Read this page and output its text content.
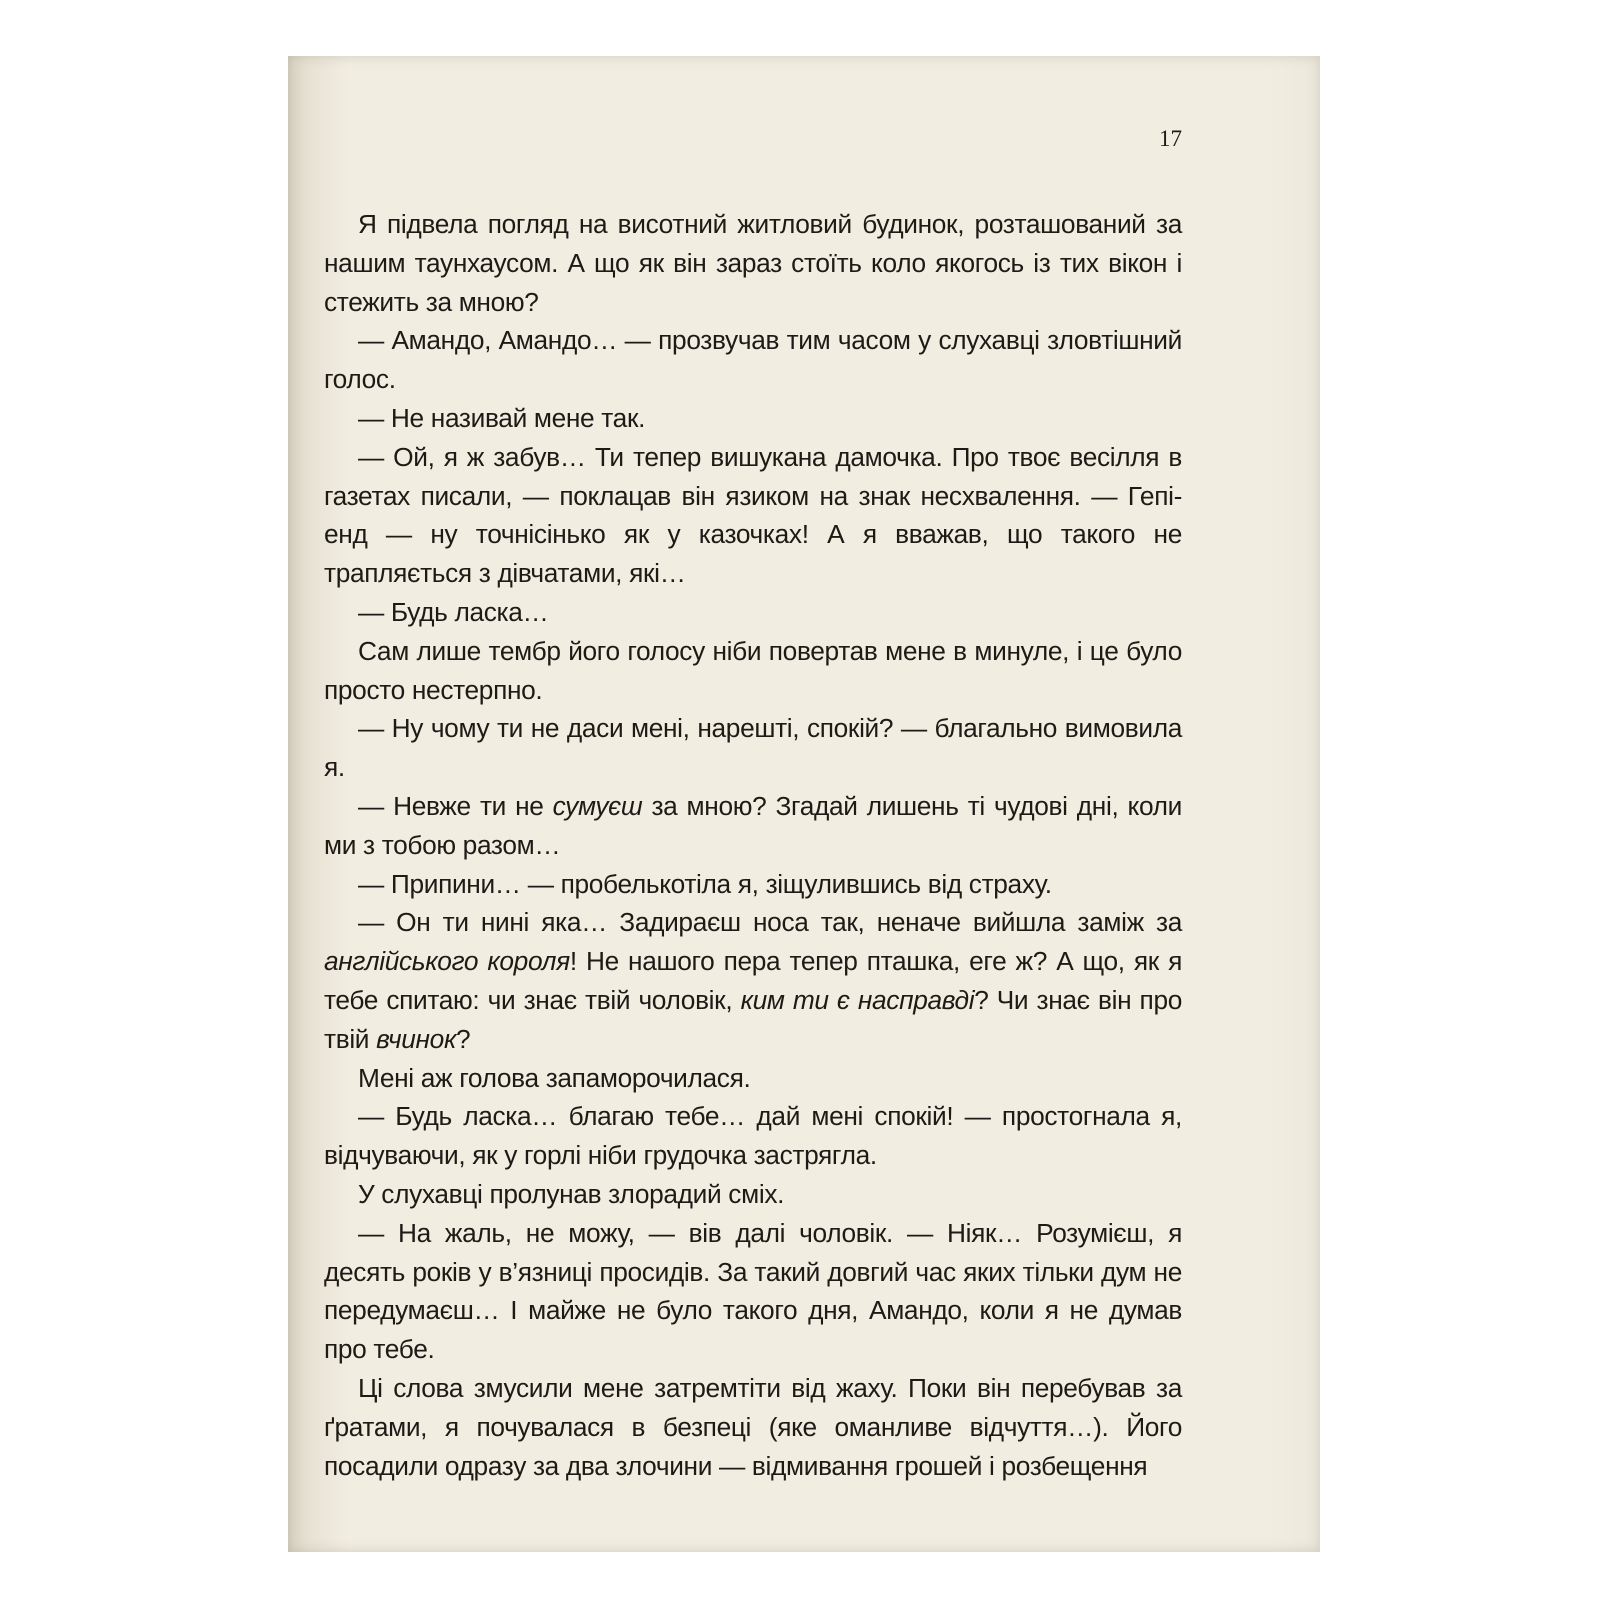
17

Я підвела погляд на висотний житловий будинок, розташований за нашим таунхаусом. А що як він зараз стоїть коло якогось із тих вікон і стежить за мною?

— Амандо, Амандо… — прозвучав тим часом у слухавці зловтішний голос.

— Не називай мене так.

— Ой, я ж забув… Ти тепер вишукана дамочка. Про твоє весілля в газетах писали, — поклацав він язиком на знак несхвалення. — Гепі-енд — ну точнісінько як у казочках! А я вважав, що такого не трапляється з дівчатами, які…

— Будь ласка…

Сам лише тембр його голосу ніби повертав мене в минуле, і це було просто нестерпно.

— Ну чому ти не даси мені, нарешті, спокій? — благально вимовила я.

— Невже ти не сумуєш за мною? Згадай лишень ті чудові дні, коли ми з тобою разом…

— Припини… — пробелькотіла я, зіщулившись від страху.

— Он ти нині яка… Задираєш носа так, неначе вийшла заміж за англійського короля! Не нашого пера тепер пташка, еге ж? А що, як я тебе спитаю: чи знає твій чоловік, ким ти є насправді? Чи знає він про твій вчинок?

Мені аж голова запаморочилася.

— Будь ласка… благаю тебе… дай мені спокій! — простогнала я, відчуваючи, як у горлі ніби грудочка застрягла.

У слухавці пролунав злорадий сміх.

— На жаль, не можу, — вів далі чоловік. — Ніяк… Розумієш, я десять років у в’язниці просидів. За такий довгий час яких тільки дум не передумаєш… І майже не було такого дня, Амандо, коли я не думав про тебе.

Ці слова змусили мене затремтіти від жаху. Поки він перебував за ґратами, я почувалася в безпеці (яке оманливе відчуття…). Його посадили одразу за два злочини — відмивання грошей і розбещення
